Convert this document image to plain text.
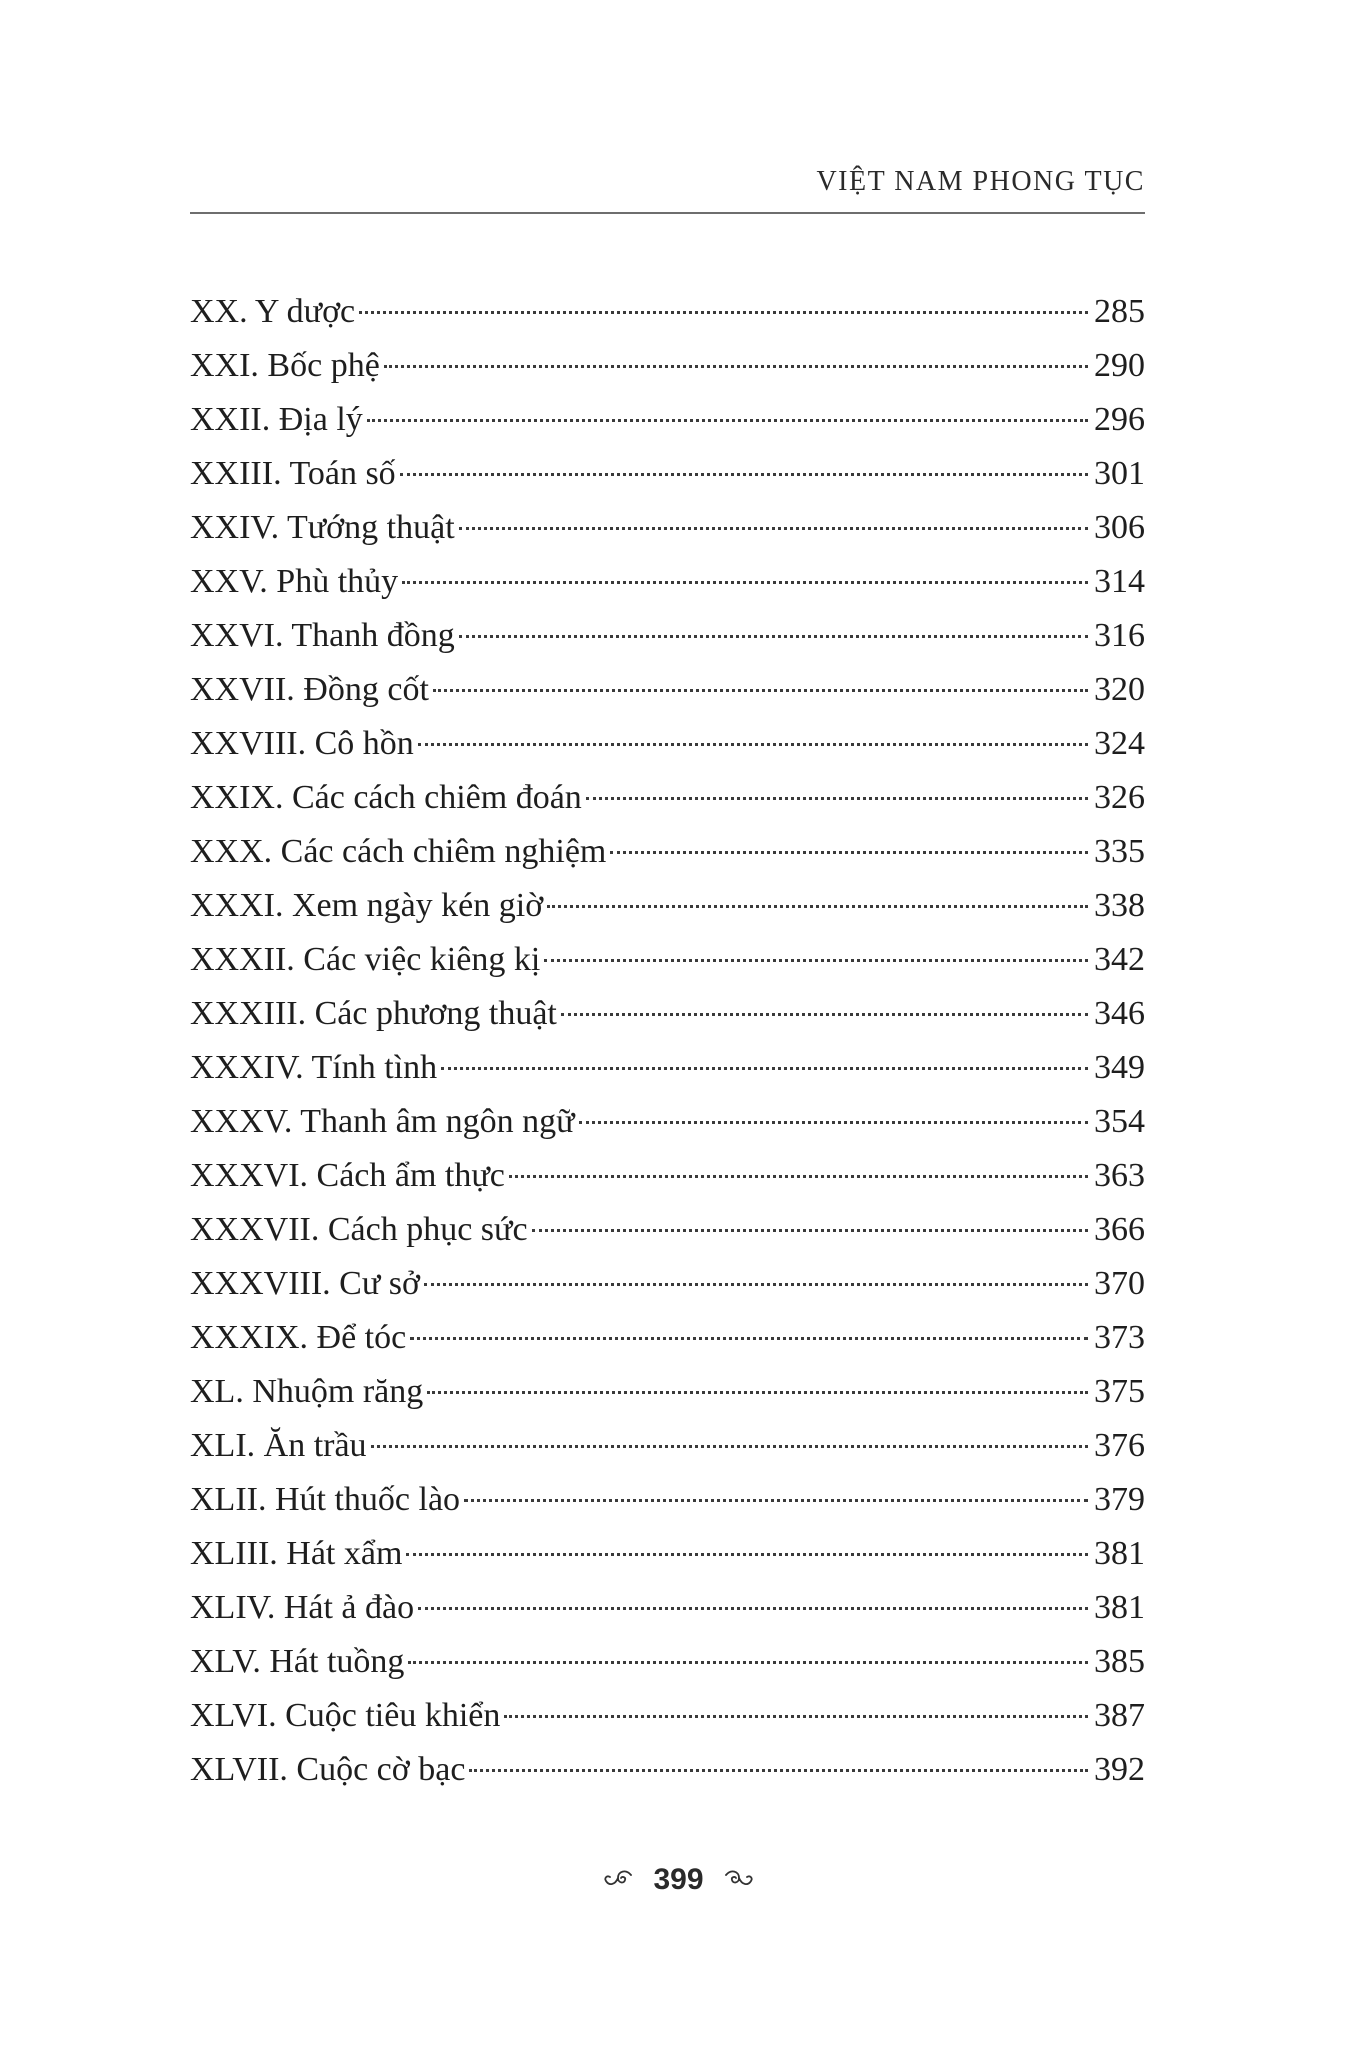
VIỆT NAM PHONG TỤC
XX. Y dược	285
XXI. Bốc phệ	290
XXII. Địa lý	296
XXIII. Toán số	301
XXIV. Tướng thuật	306
XXV. Phù thủy	314
XXVI. Thanh đồng	316
XXVII. Đồng cốt	320
XXVIII. Cô hồn	324
XXIX. Các cách chiêm đoán	326
XXX. Các cách chiêm nghiệm	335
XXXI. Xem ngày kén giờ	338
XXXII. Các việc kiêng kị	342
XXXIII. Các phương thuật	346
XXXIV. Tính tình	349
XXXV. Thanh âm ngôn ngữ	354
XXXVI. Cách ẩm thực	363
XXXVII. Cách phục sức	366
XXXVIII. Cư sở	370
XXXIX. Để tóc	373
XL. Nhuộm răng	375
XLI. Ăn trầu	376
XLII. Hút thuốc lào	379
XLIII. Hát xẩm	381
XLIV. Hát ả đào	381
XLV. Hát tuồng	385
XLVI. Cuộc tiêu khiển	387
XLVII. Cuộc cờ bạc	392
399
